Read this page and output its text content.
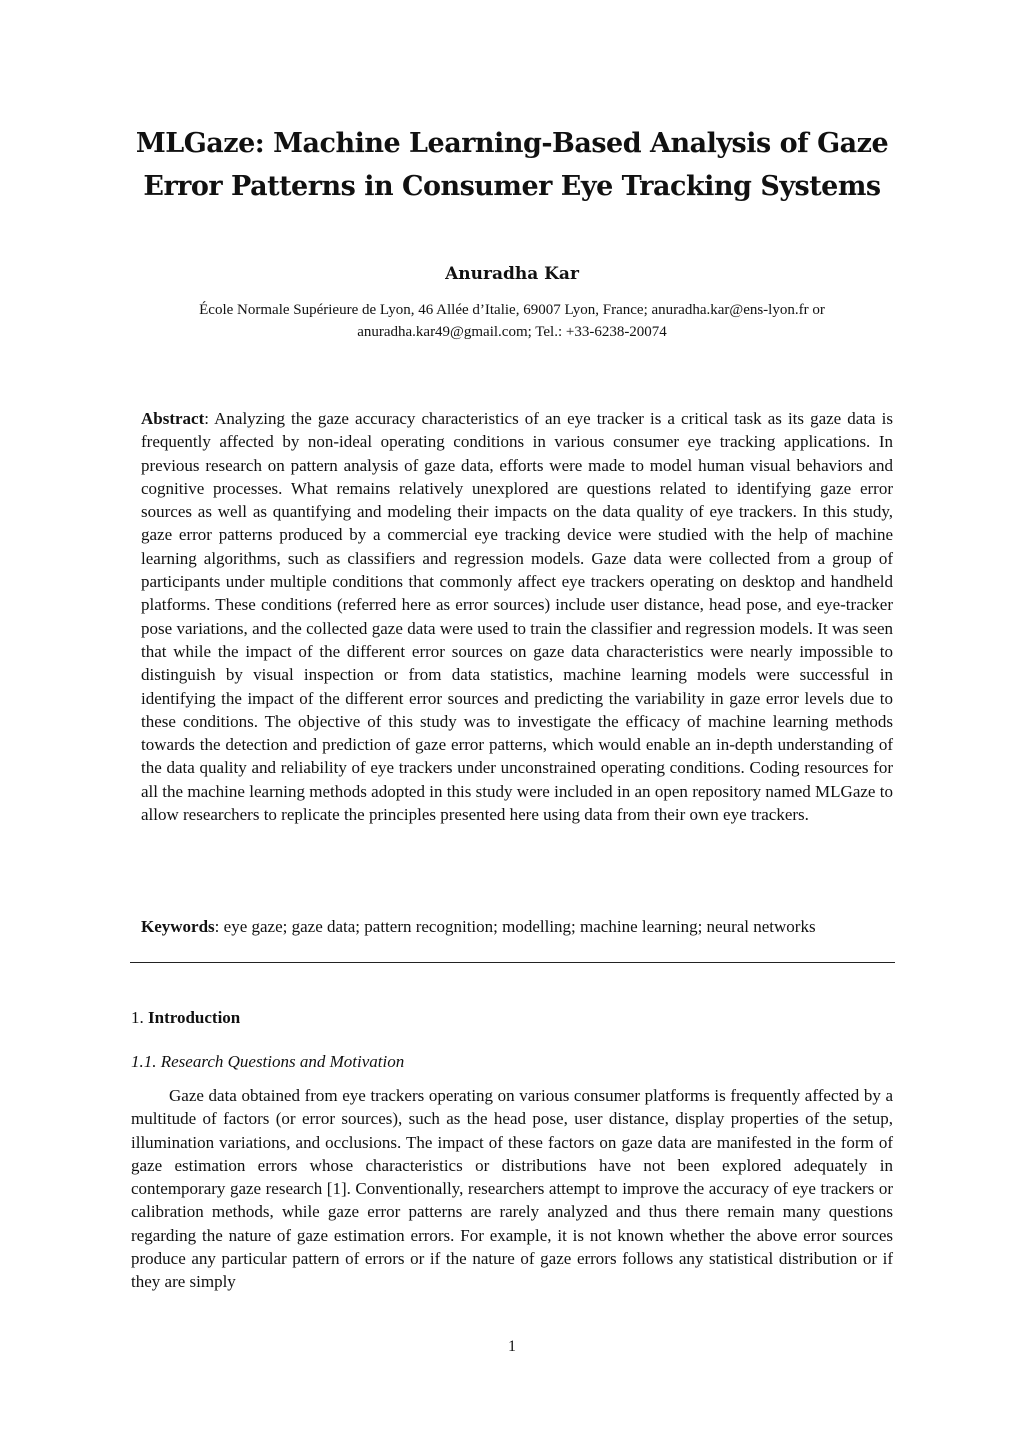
MLGaze: Machine Learning-Based Analysis of Gaze
Error Patterns in Consumer Eye Tracking Systems

Anuradha Kar

École Normale Supérieure de Lyon, 46 Allée d’Italie, 69007 Lyon, France; anuradha.kar@ens-lyon.fr or
anuradha.kar49@gmail.com; Tel.: +33-6238-20074

Abstract: Analyzing the gaze accuracy characteristics of an eye tracker is a critical task as its gaze data is frequently affected by non-ideal operating conditions in various consumer eye tracking applications. In previous research on pattern analysis of gaze data, efforts were made to model human visual behaviors and cognitive processes. What remains relatively unexplored are questions related to identifying gaze error sources as well as quantifying and modeling their impacts on the data quality of eye trackers. In this study, gaze error patterns produced by a commercial eye tracking device were studied with the help of machine learning algorithms, such as classifiers and regression models. Gaze data were collected from a group of participants under multiple conditions that commonly affect eye trackers operating on desktop and handheld platforms. These conditions (referred here as error sources) include user distance, head pose, and eye-tracker pose variations, and the collected gaze data were used to train the classifier and regression models. It was seen that while the impact of the different error sources on gaze data characteristics were nearly impossible to distinguish by visual inspection or from data statistics, machine learning models were successful in identifying the impact of the different error sources and predicting the variability in gaze error levels due to these conditions. The objective of this study was to investigate the efficacy of machine learning methods towards the detection and prediction of gaze error patterns, which would enable an in-depth understanding of the data quality and reliability of eye trackers under unconstrained operating conditions. Coding resources for all the machine learning methods adopted in this study were included in an open repository named MLGaze to allow researchers to replicate the principles presented here using data from their own eye trackers.

Keywords: eye gaze; gaze data; pattern recognition; modelling; machine learning; neural networks

1. Introduction

1.1. Research Questions and Motivation

Gaze data obtained from eye trackers operating on various consumer platforms is frequently affected by a multitude of factors (or error sources), such as the head pose, user distance, display properties of the setup, illumination variations, and occlusions. The impact of these factors on gaze data are manifested in the form of gaze estimation errors whose characteristics or distributions have not been explored adequately in contemporary gaze research [1]. Conventionally, researchers attempt to improve the accuracy of eye trackers or calibration methods, while gaze error patterns are rarely analyzed and thus there remain many questions regarding the nature of gaze estimation errors. For example, it is not known whether the above error sources produce any particular pattern of errors or if the nature of gaze errors follows any statistical distribution or if they are simply

1
